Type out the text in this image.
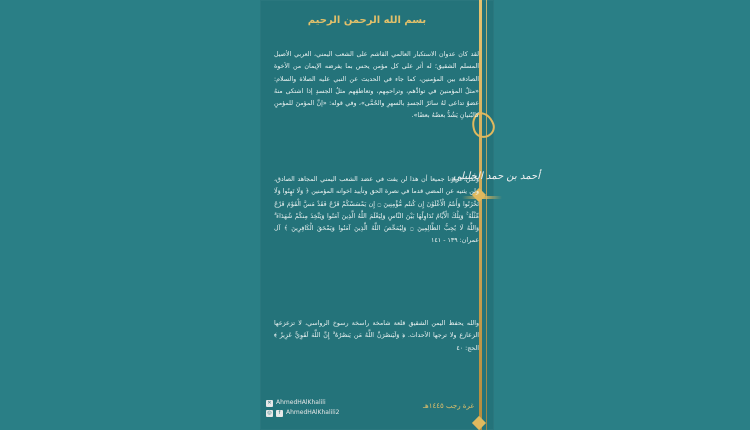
أحمد بن حمد الخليلي
بسم الله الرحمن الرحيم
لقد كان عدوان الاستكبار العالمي القاشم على الشعب اليمني، العربي الأصيل المسلم الشقيق؛ له أثر على كل مؤمن يحس بما يفرضه الإيمان من الأخوة الصادقة بين المؤمنين، كما جاء في الحديث عن النبي عليه الصلاة والسلام: «مثلُ المؤمنينَ في توادِّهم، وتراحمِهم، وتعاطفِهم مثلُ الجسدِ إذا اشتكى منهُ عضوٌ تداعى لهُ سائرُ الجسدِ بالسهرِ والحُمَّى»، وفي قوله: «إنَّ المؤمنَ للمؤمنِ كالبُنيانِ يَشُدُّ بعضُهُ بعضًا».
ولكن عزاؤنا جميعا أن هذا لن يفت في عضد الشعب اليمني المجاهد الصادق، ولن يثنيه عن المضي قدما في نصرة الحق وتأييد اخوانه المؤمنين ﴿ وَلَا تَهِنُوا وَلَا تَحْزَنُوا وَأَنتُمُ الْأَعْلَوْنَ إِن كُنتُم مُّؤْمِنِينَ ۝ إِن يَمْسَسْكُمْ قَرْحٌ فَقَدْ مَسَّ الْقَوْمَ قَرْحٌ مِّثْلُهُ ۚ وَتِلْكَ الْأَيَّامُ نُدَاوِلُهَا بَيْنَ النَّاسِ وَلِيَعْلَمَ اللَّهُ الَّذِينَ آمَنُوا وَيَتَّخِذَ مِنكُمْ شُهَدَاءَ ۗ وَاللَّهُ لَا يُحِبُّ الظَّالِمِينَ ۝ وَلِيُمَحِّصَ اللَّهُ الَّذِينَ آمَنُوا وَيَمْحَقَ الْكَافِرِينَ ﴾ آل عمران: ١٣٩ - ١٤١
والله يحفظ اليمن الشقيق قلعة شامخة راسخة رسوخ الرواسي، لا تزعزعها الزعازع ولا ترجها الأحداث. ﴿ وَلَيَنصُرَنَّ اللَّهُ مَن يَنصُرُهُ ۗ إِنَّ اللَّهَ لَقَوِيٌّ عَزِيزٌ ﴾ الحج: ٤٠
✕ AhmedHAlKhalili
◎	f AhmedHAlKhalili2
غرة رجب ١٤٤٥هـ
